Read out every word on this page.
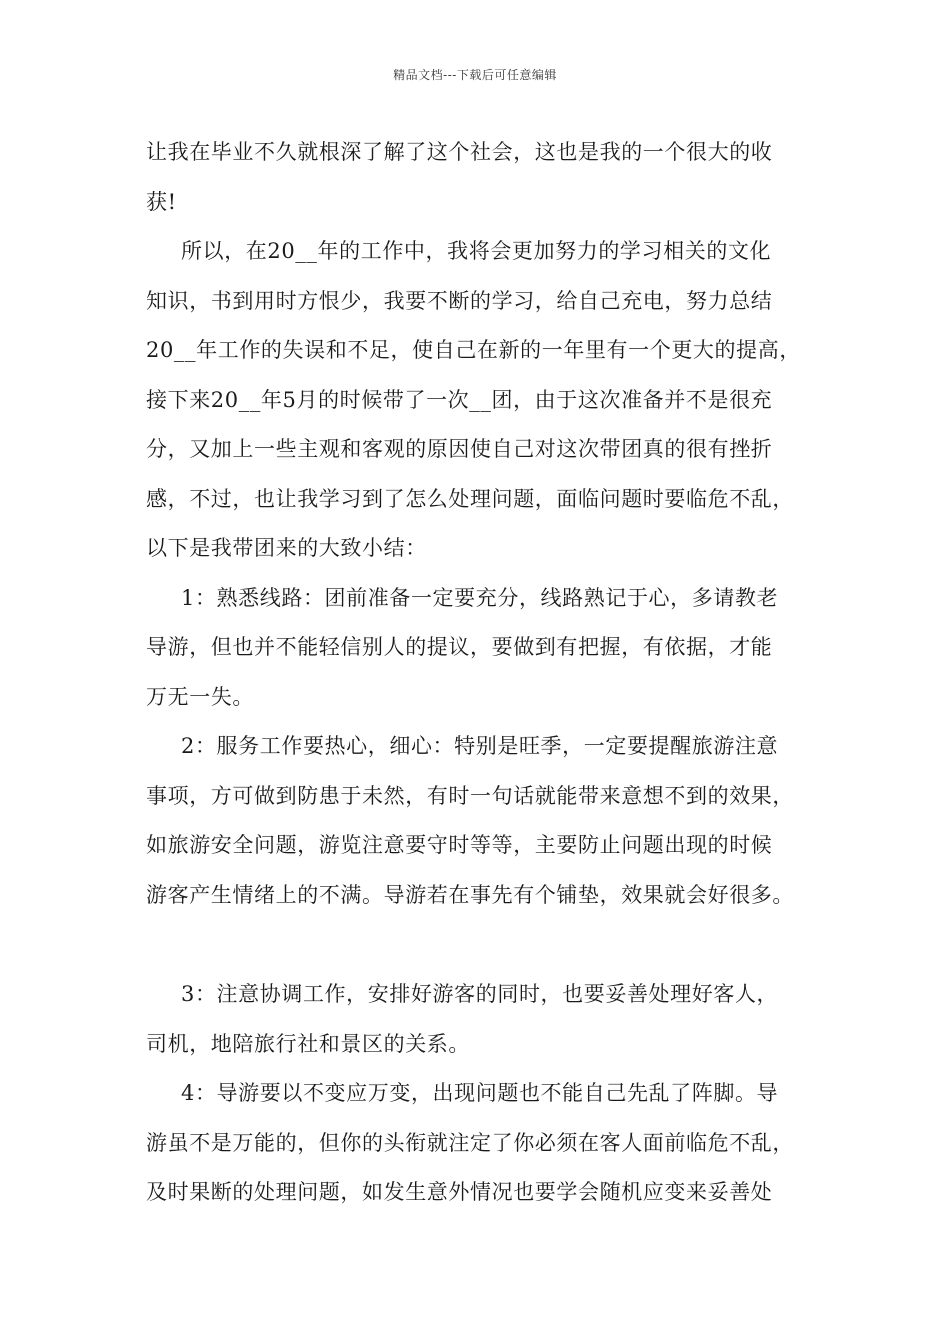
精品文档---下载后可任意编辑
让我在毕业不久就根深了解了这个社会，这也是我的一个很大的收
获!
所以，在20__年的工作中，我将会更加努力的学习相关的文化
知识，书到用时方恨少，我要不断的学习，给自己充电，努力总结
20__年工作的失误和不足，使自己在新的一年里有一个更大的提高，
接下来20__年5月的时候带了一次__团，由于这次准备并不是很充
分，又加上一些主观和客观的原因使自己对这次带团真的很有挫折
感，不过，也让我学习到了怎么处理问题，面临问题时要临危不乱，
以下是我带团来的大致小结：
1：熟悉线路：团前准备一定要充分，线路熟记于心，多请教老
导游，但也并不能轻信别人的提议，要做到有把握，有依据，才能
万无一失。
2：服务工作要热心，细心：特别是旺季，一定要提醒旅游注意
事项，方可做到防患于未然，有时一句话就能带来意想不到的效果，
如旅游安全问题，游览注意要守时等等，主要防止问题出现的时候
游客产生情绪上的不满。导游若在事先有个铺垫，效果就会好很多。
3：注意协调工作，安排好游客的同时，也要妥善处理好客人，
司机，地陪旅行社和景区的关系。
4：导游要以不变应万变，出现问题也不能自己先乱了阵脚。导
游虽不是万能的，但你的头衔就注定了你必须在客人面前临危不乱，
及时果断的处理问题，如发生意外情况也要学会随机应变来妥善处
